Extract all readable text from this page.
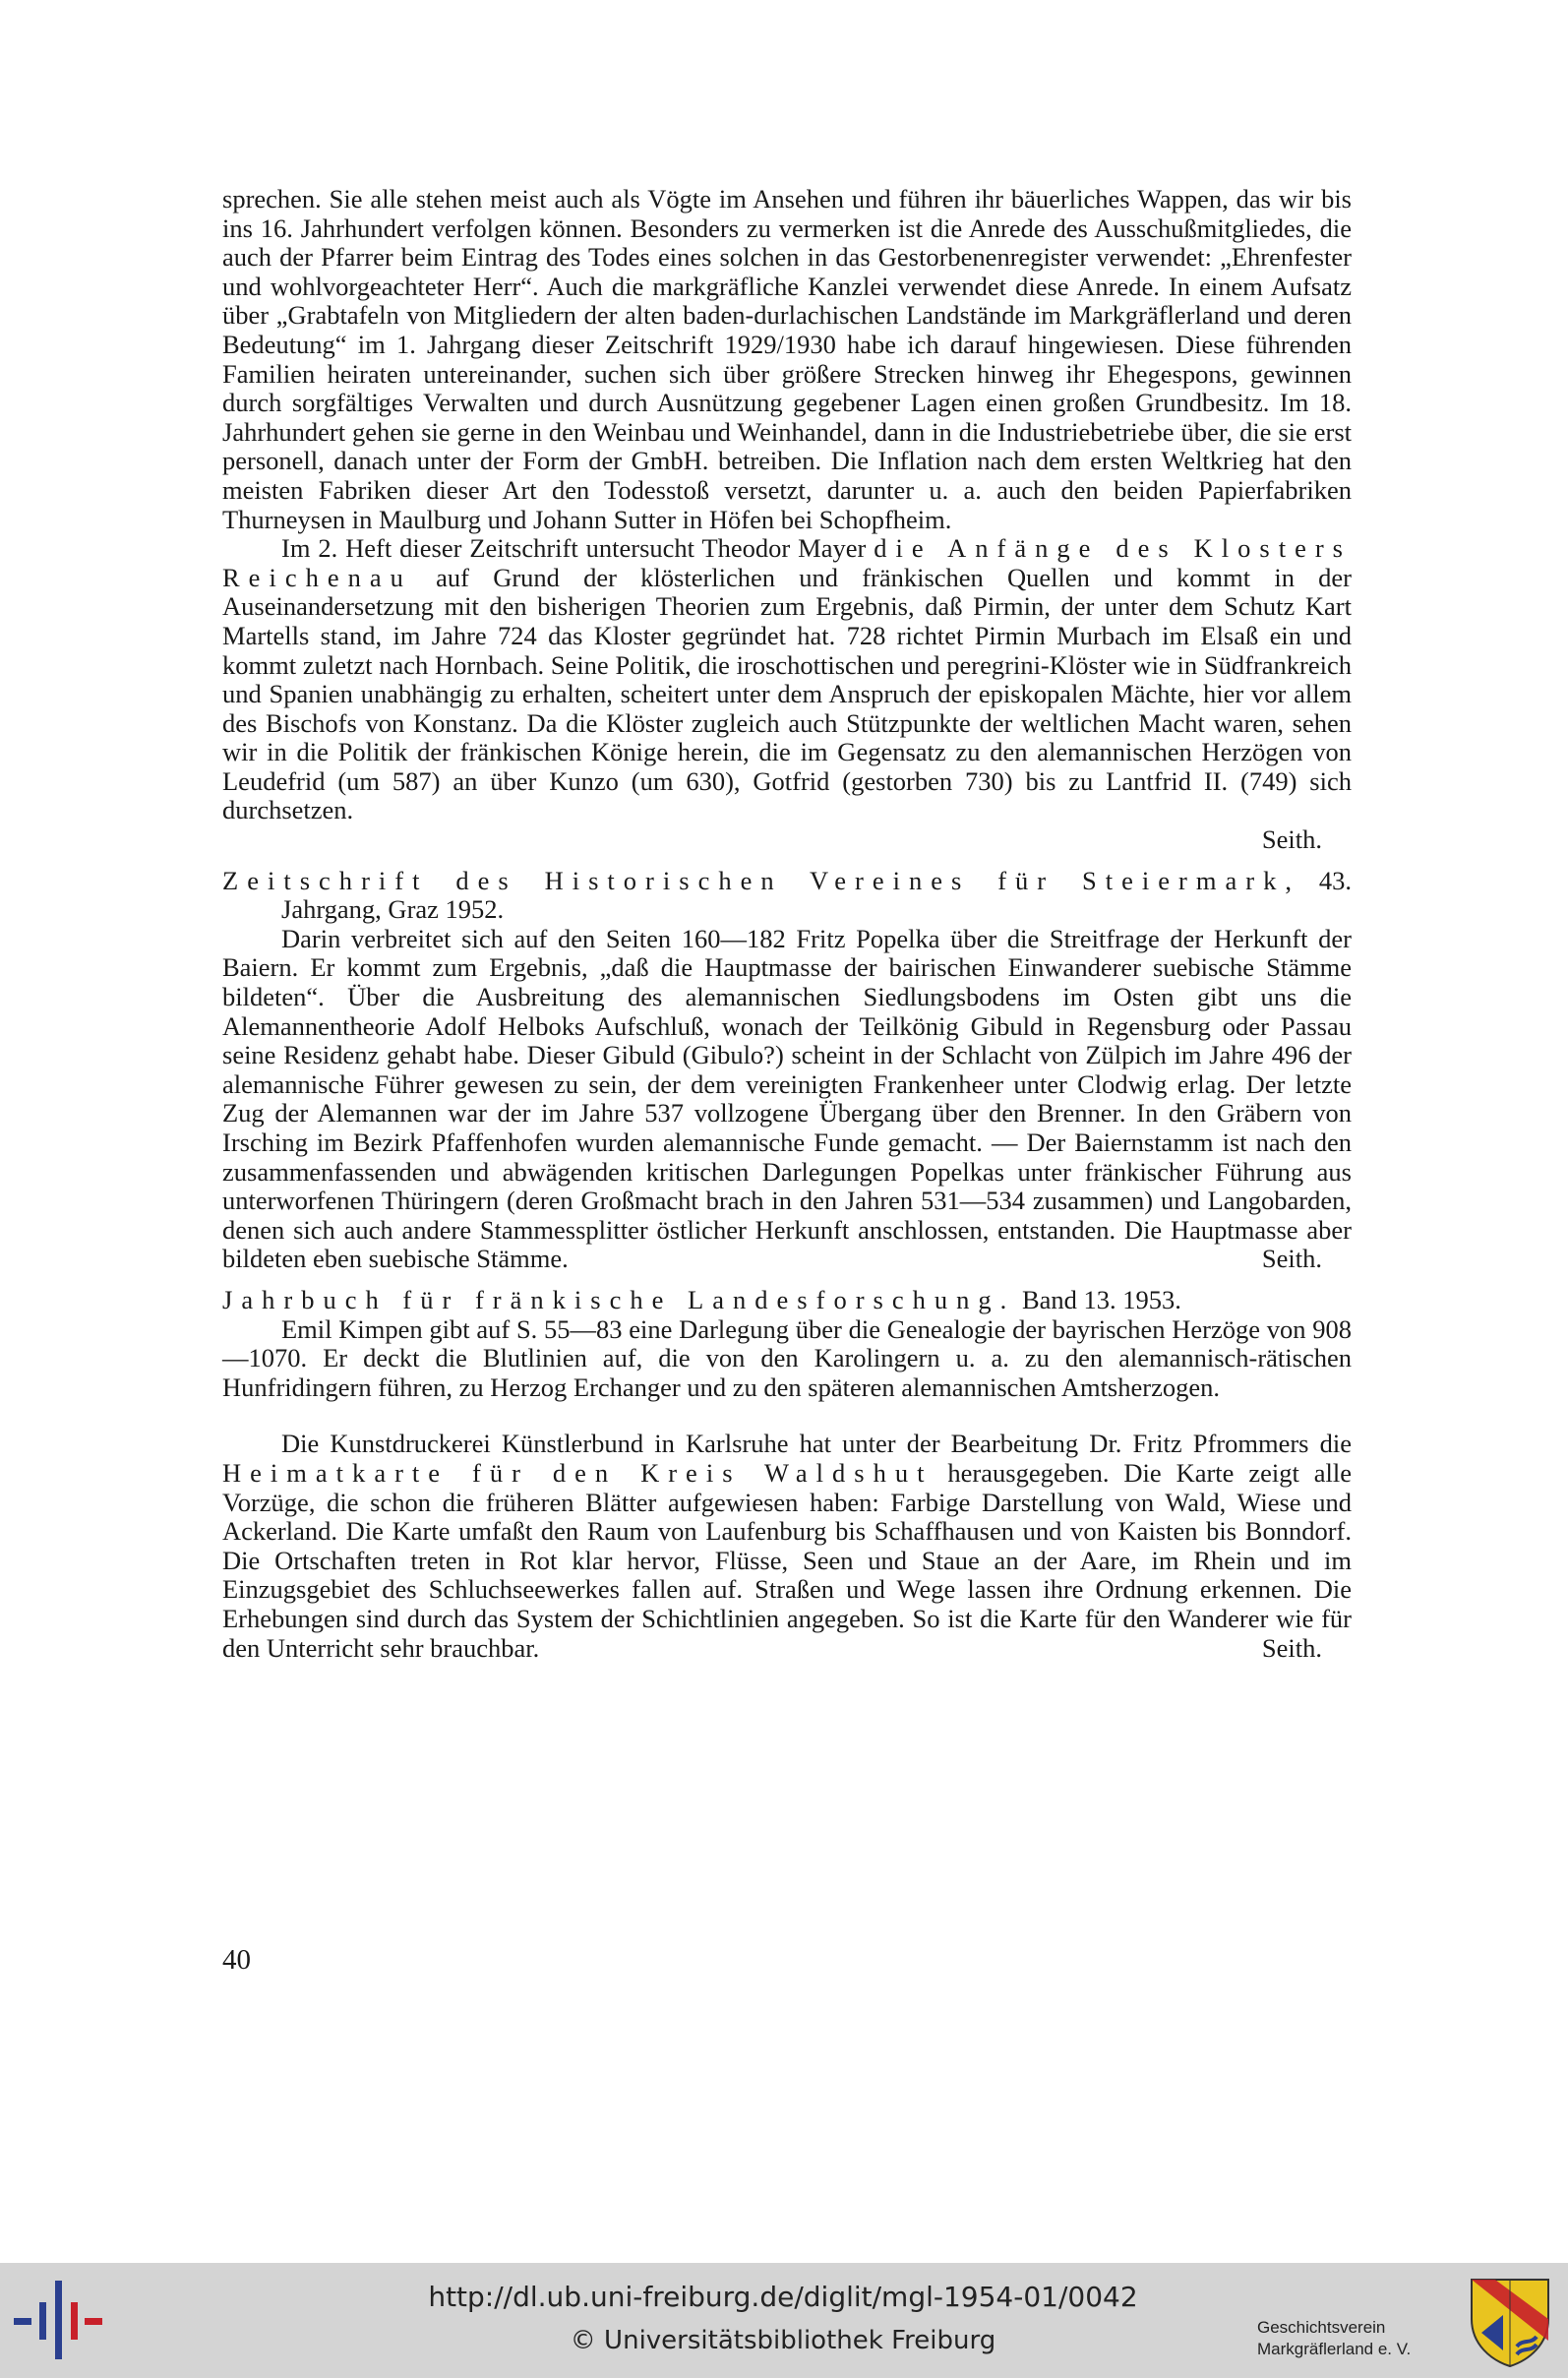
sprechen. Sie alle stehen meist auch als Vögte im Ansehen und führen ihr bäuerliches Wappen, das wir bis ins 16. Jahrhundert verfolgen können. Besonders zu vermerken ist die Anrede des Ausschußmitgliedes, die auch der Pfarrer beim Eintrag des Todes eines solchen in das Gestorbenenregister verwendet: „Ehrenfester und wohlvorgeachteter Herr“. Auch die markgräfliche Kanzlei verwendet diese Anrede. In einem Aufsatz über „Grabtafeln von Mitgliedern der alten baden-durlachischen Landstände im Markgräflerland und deren Bedeutung“ im 1. Jahrgang dieser Zeitschrift 1929/1930 habe ich darauf hingewiesen. Diese führenden Familien heiraten untereinander, suchen sich über größere Strecken hinweg ihr Ehegespons, gewinnen durch sorgfältiges Verwalten und durch Ausnützung gegebener Lagen einen großen Grundbesitz. Im 18. Jahrhundert gehen sie gerne in den Weinbau und Weinhandel, dann in die Industriebetriebe über, die sie erst personell, danach unter der Form der GmbH. betreiben. Die Inflation nach dem ersten Weltkrieg hat den meisten Fabriken dieser Art den Todesstoß versetzt, darunter u. a. auch den beiden Papierfabriken Thurneysen in Maulburg und Johann Sutter in Höfen bei Schopfheim.

Im 2. Heft dieser Zeitschrift untersucht Theodor Mayer die Anfänge des Klosters Reichenau auf Grund der klösterlichen und fränkischen Quellen und kommt in der Auseinandersetzung mit den bisherigen Theorien zum Ergebnis, daß Pirmin, der unter dem Schutz Kart Martells stand, im Jahre 724 das Kloster gegründet hat. 728 richtet Pirmin Murbach im Elsaß ein und kommt zuletzt nach Hornbach. Seine Politik, die iroschottischen und peregrini-Klöster wie in Südfrankreich und Spanien unabhängig zu erhalten, scheitert unter dem Anspruch der episkopalen Mächte, hier vor allem des Bischofs von Konstanz. Da die Klöster zugleich auch Stützpunkte der weltlichen Macht waren, sehen wir in die Politik der fränkischen Könige herein, die im Gegensatz zu den alemannischen Herzögen von Leudefrid (um 587) an über Kunzo (um 630), Gotfrid (gestorben 730) bis zu Lantfrid II. (749) sich durchsetzen.

Seith.

Zeitschrift des Historischen Vereines für Steiermark, 43. Jahrgang, Graz 1952.

Darin verbreitet sich auf den Seiten 160—182 Fritz Popelka über die Streitfrage der Herkunft der Baiern. Er kommt zum Ergebnis, „daß die Hauptmasse der bairischen Einwanderer suebische Stämme bildeten“. Über die Ausbreitung des alemannischen Siedlungsbodens im Osten gibt uns die Alemannentheorie Adolf Helboks Aufschluß, wonach der Teilkönig Gibuld in Regensburg oder Passau seine Residenz gehabt habe. Dieser Gibuld (Gibulo?) scheint in der Schlacht von Zülpich im Jahre 496 der alemannische Führer gewesen zu sein, der dem vereinigten Frankenheer unter Clodwig erlag. Der letzte Zug der Alemannen war der im Jahre 537 vollzogene Übergang über den Brenner. In den Gräbern von Irsching im Bezirk Pfaffenhofen wurden alemannische Funde gemacht. — Der Baiernstamm ist nach den zusammenfassenden und abwägenden kritischen Darlegungen Popelkas unter fränkischer Führung aus unterworfenen Thüringern (deren Großmacht brach in den Jahren 531—534 zusammen) und Langobarden, denen sich auch andere Stammessplitter östlicher Herkunft anschlossen, entstanden. Die Hauptmasse aber bildeten eben suebische Stämme.	Seith.

Jahrbuch für fränkische Landesforschung. Band 13. 1953.

Emil Kimpen gibt auf S. 55—83 eine Darlegung über die Genealogie der bayrischen Herzöge von 908—1070. Er deckt die Blutlinien auf, die von den Karolingern u. a. zu den alemannisch-rätischen Hunfridingern führen, zu Herzog Erchanger und zu den späteren alemannischen Amtsherzogen.

Die Kunstdruckerei Künstlerbund in Karlsruhe hat unter der Bearbeitung Dr. Fritz Pfrommers die Heimatkarte für den Kreis Waldshut herausgegeben. Die Karte zeigt alle Vorzüge, die schon die früheren Blätter aufgewiesen haben: Farbige Darstellung von Wald, Wiese und Ackerland. Die Karte umfaßt den Raum von Laufenburg bis Schaffhausen und von Kaisten bis Bonndorf. Die Ortschaften treten in Rot klar hervor, Flüsse, Seen und Staue an der Aare, im Rhein und im Einzugsgebiet des Schluchseewerkes fallen auf. Straßen und Wege lassen ihre Ordnung erkennen. Die Erhebungen sind durch das System der Schichtlinien angegeben. So ist die Karte für den Wanderer wie für den Unterricht sehr brauchbar.	Seith.

40
http://dl.ub.uni-freiburg.de/diglit/mgl-1954-01/0042
© Universitätsbibliothek Freiburg	Geschichtsverein
Markgräflerland e. V.
